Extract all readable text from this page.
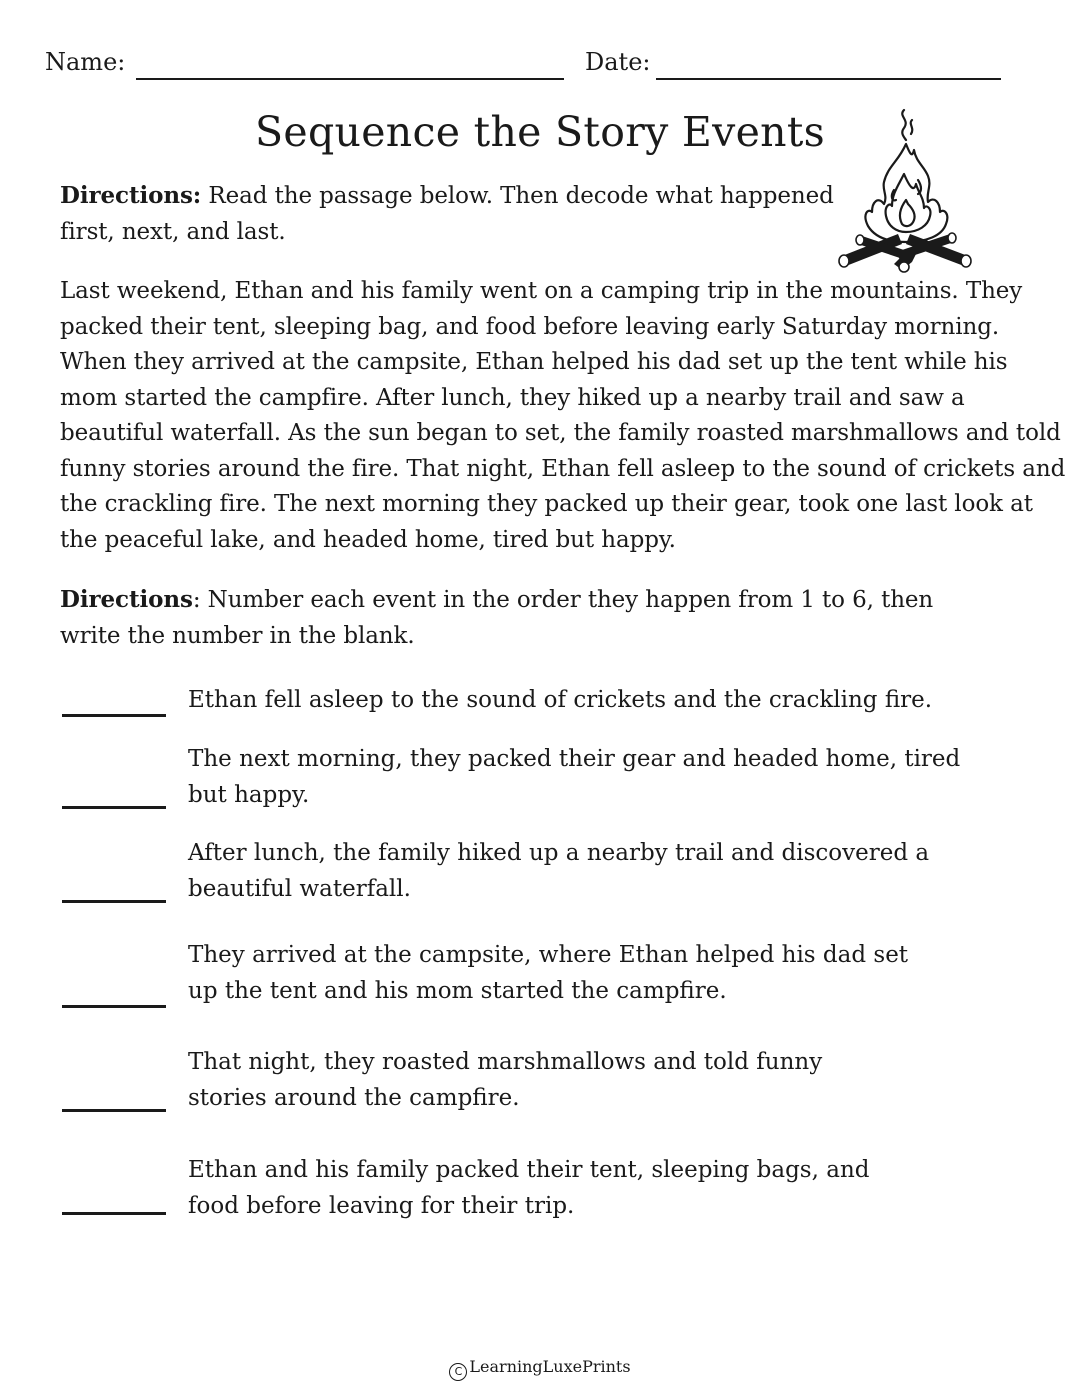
Name:	Date:
Sequence the Story Events
Directions: Read the passage below. Then decode what happened first, next, and last.
Last weekend, Ethan and his family went on a camping trip in the mountains. They packed their tent, sleeping bag, and food before leaving early Saturday morning. When they arrived at the campsite, Ethan helped his dad set up the tent while his mom started the campfire. After lunch, they hiked up a nearby trail and saw a beautiful waterfall. As the sun began to set, the family roasted marshmallows and told funny stories around the fire. That night, Ethan fell asleep to the sound of crickets and the crackling fire. The next morning they packed up their gear, took one last look at the peaceful lake, and headed home, tired but happy.
Directions: Number each event in the order they happen from 1 to 6, then write the number in the blank.
Ethan fell asleep to the sound of crickets and the crackling fire.
The next morning, they packed their gear and headed home, tired
but happy.
After lunch, the family hiked up a nearby trail and discovered a
beautiful waterfall.
They arrived at the campsite, where Ethan helped his dad set
up the tent and his mom started the campfire.
That night, they roasted marshmallows and told funny
stories around the campfire.
Ethan and his family packed their tent, sleeping bags, and
food before leaving for their trip.
C LearningLuxePrints
